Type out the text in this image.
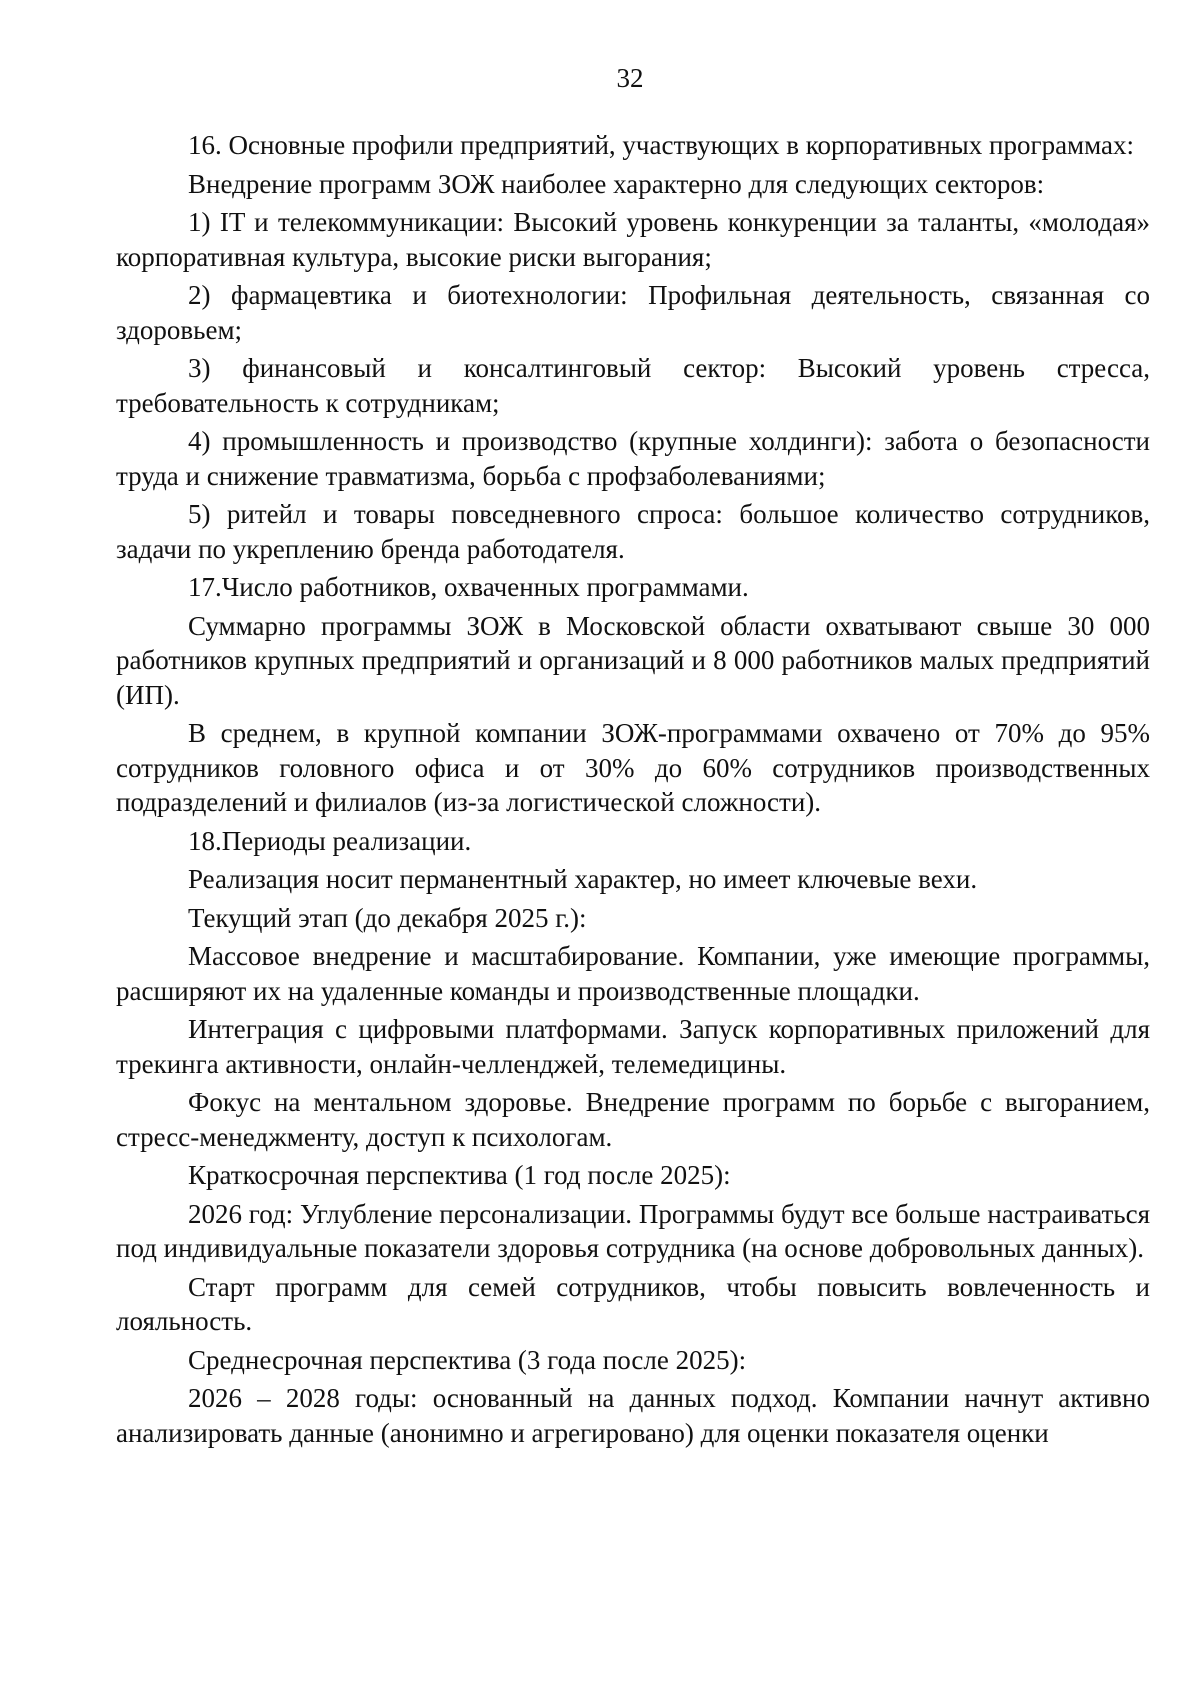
32

16. Основные профили предприятий, участвующих в корпоративных программах:

Внедрение программ ЗОЖ наиболее характерно для следующих секторов:

1) IT и телекоммуникации: Высокий уровень конкуренции за таланты, «молодая» корпоративная культура, высокие риски выгорания;

2) фармацевтика и биотехнологии: Профильная деятельность, связанная со здоровьем;

3) финансовый и консалтинговый сектор: Высокий уровень стресса, требовательность к сотрудникам;

4) промышленность и производство (крупные холдинги): забота о безопасности труда и снижение травматизма, борьба с профзаболеваниями;

5) ритейл и товары повседневного спроса: большое количество сотрудников, задачи по укреплению бренда работодателя.

17.Число работников, охваченных программами.

Суммарно программы ЗОЖ в Московской области охватывают свыше 30 000 работников крупных предприятий и организаций и 8 000 работников малых предприятий (ИП).

В среднем, в крупной компании ЗОЖ-программами охвачено от 70% до 95% сотрудников головного офиса и от 30% до 60% сотрудников производственных подразделений и филиалов (из-за логистической сложности).

18.Периоды реализации.

Реализация носит перманентный характер, но имеет ключевые вехи.

Текущий этап (до декабря 2025 г.):

Массовое внедрение и масштабирование. Компании, уже имеющие программы, расширяют их на удаленные команды и производственные площадки.

Интеграция с цифровыми платформами. Запуск корпоративных приложений для трекинга активности, онлайн-челленджей, телемедицины.

Фокус на ментальном здоровье. Внедрение программ по борьбе с выгоранием, стресс-менеджменту, доступ к психологам.

Краткосрочная перспектива (1 год после 2025):

2026 год: Углубление персонализации. Программы будут все больше настраиваться под индивидуальные показатели здоровья сотрудника (на основе добровольных данных).

Старт программ для семей сотрудников, чтобы повысить вовлеченность и лояльность.

Среднесрочная перспектива (3 года после 2025):

2026 – 2028 годы: основанный на данных подход. Компании начнут активно анализировать данные (анонимно и агрегировано) для оценки показателя оценки
